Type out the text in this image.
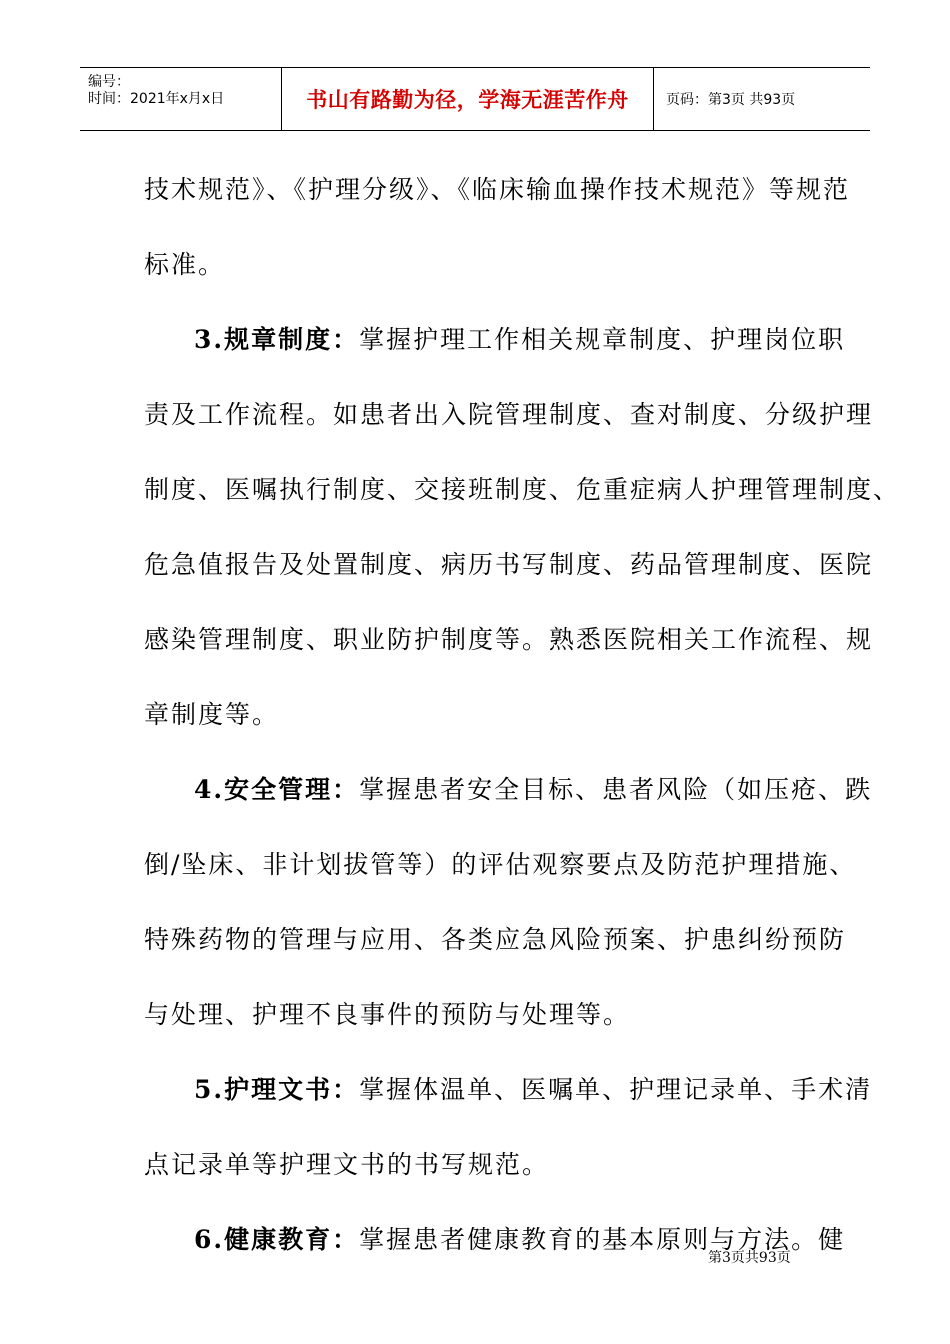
编号：
时间：2021年x月x日	书山有路勤为径，学海无涯苦作舟	页码：第3页 共93页
技术规范》、《护理分级》、《临床输血操作技术规范》等规范
标准。
3.规章制度：掌握护理工作相关规章制度、护理岗位职
责及工作流程。如患者出入院管理制度、查对制度、分级护理
制度、医嘱执行制度、交接班制度、危重症病人护理管理制度、
危急值报告及处置制度、病历书写制度、药品管理制度、医院
感染管理制度、职业防护制度等。熟悉医院相关工作流程、规
章制度等。
4.安全管理：掌握患者安全目标、患者风险（如压疮、跌
倒/坠床、非计划拔管等）的评估观察要点及防范护理措施、
特殊药物的管理与应用、各类应急风险预案、护患纠纷预防
与处理、护理不良事件的预防与处理等。
5.护理文书：掌握体温单、医嘱单、护理记录单、手术清
点记录单等护理文书的书写规范。
6.健康教育：掌握患者健康教育的基本原则与方法。健
第3页共93页
